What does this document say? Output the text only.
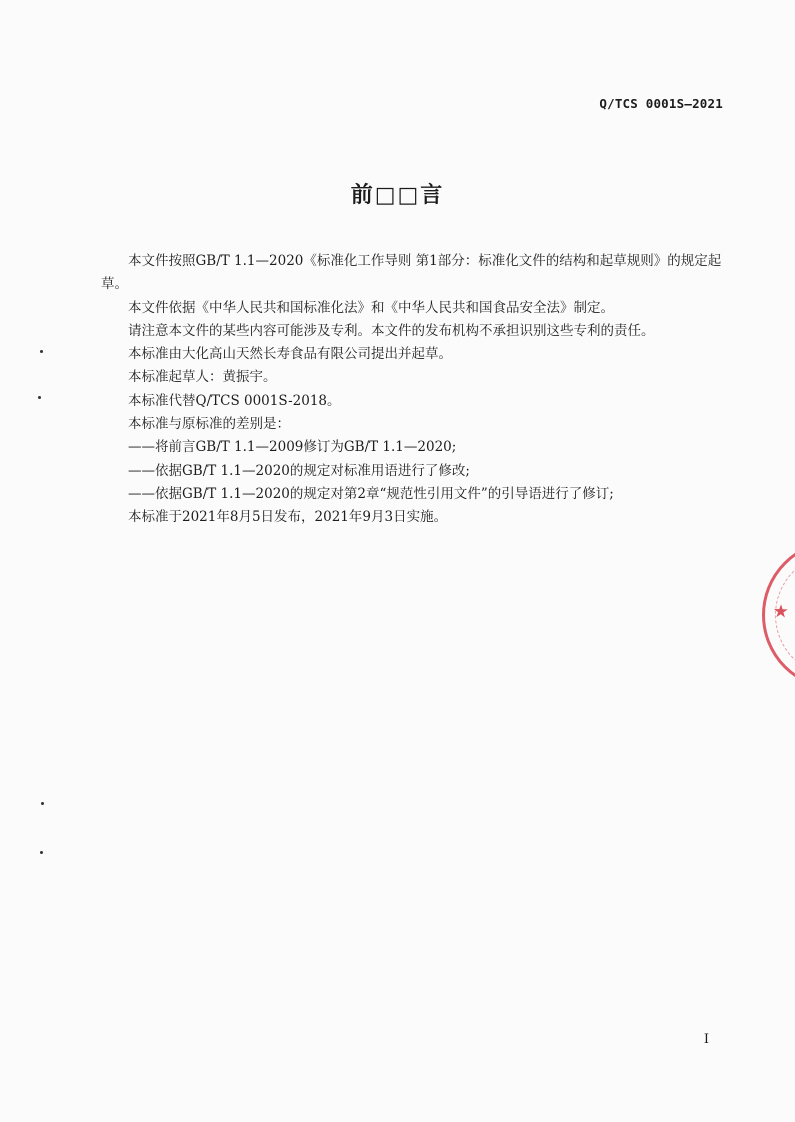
Q/TCS 0001S—2021
前□□言

本文件按照GB/T 1.1—2020《标准化工作导则 第1部分：标准化文件的结构和起草规则》的规定起草。

本文件依据《中华人民共和国标准化法》和《中华人民共和国食品安全法》制定。

请注意本文件的某些内容可能涉及专利。本文件的发布机构不承担识别这些专利的责任。

本标准由大化高山天然长寿食品有限公司提出并起草。

本标准起草人：黄振宇。

本标准代替Q/TCS 0001S-2018。

本标准与原标准的差别是：

——将前言GB/T 1.1—2009修订为GB/T 1.1—2020;

——依据GB/T 1.1—2020的规定对标准用语进行了修改;

——依据GB/T 1.1—2020的规定对第2章“规范性引用文件”的引导语进行了修订;

本标准于2021年8月5日发布，2021年9月3日实施。

★
I
